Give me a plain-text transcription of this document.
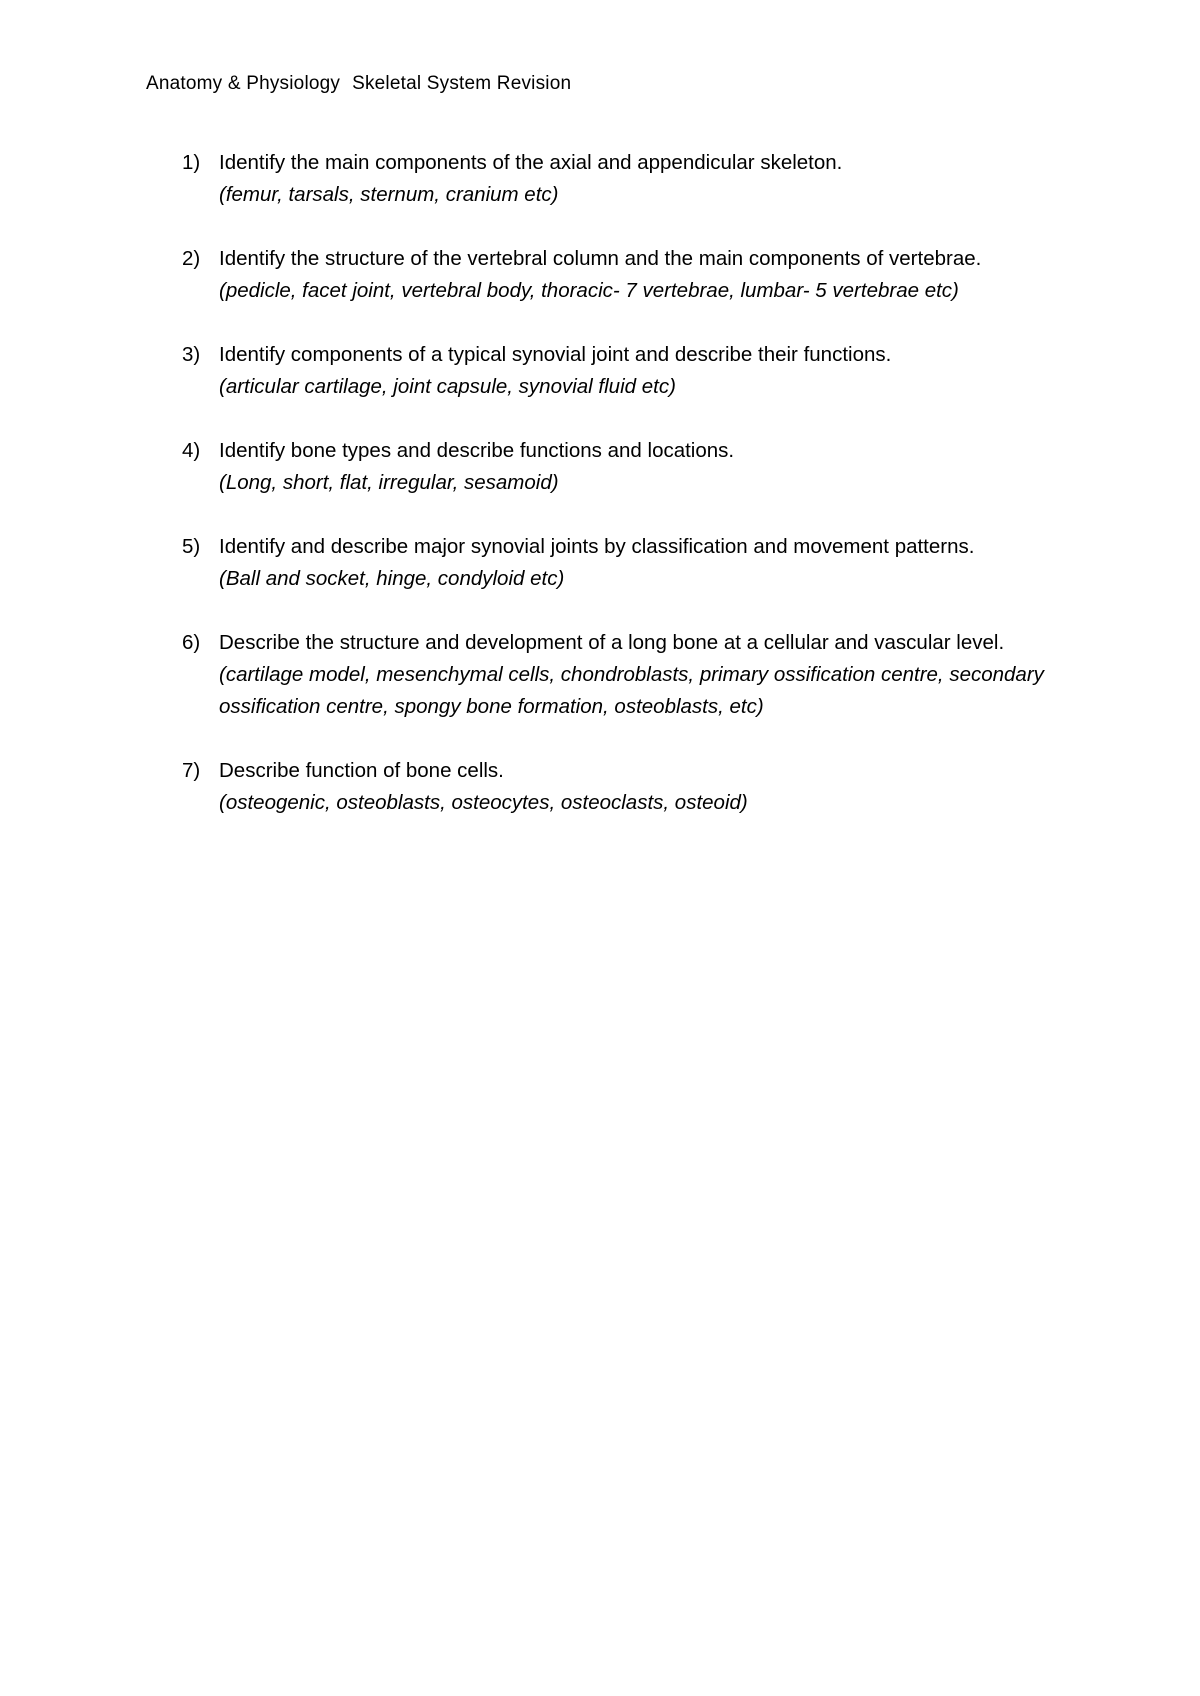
Anatomy & Physiology Skeletal System Revision
1) Identify the main components of the axial and appendicular skeleton.
(femur, tarsals, sternum, cranium etc)
2) Identify the structure of the vertebral column and the main components of vertebrae.
(pedicle, facet joint, vertebral body, thoracic- 7 vertebrae, lumbar- 5 vertebrae etc)
3) Identify components of a typical synovial joint and describe their functions.
(articular cartilage, joint capsule, synovial fluid etc)
4) Identify bone types and describe functions and locations.
(Long, short, flat, irregular, sesamoid)
5) Identify and describe major synovial joints by classification and movement patterns.
(Ball and socket, hinge, condyloid etc)
6) Describe the structure and development of a long bone at a cellular and vascular level.
(cartilage model, mesenchymal cells, chondroblasts, primary ossification centre, secondary ossification centre, spongy bone formation, osteoblasts, etc)
7) Describe function of bone cells.
(osteogenic, osteoblasts, osteocytes, osteoclasts, osteoid)
